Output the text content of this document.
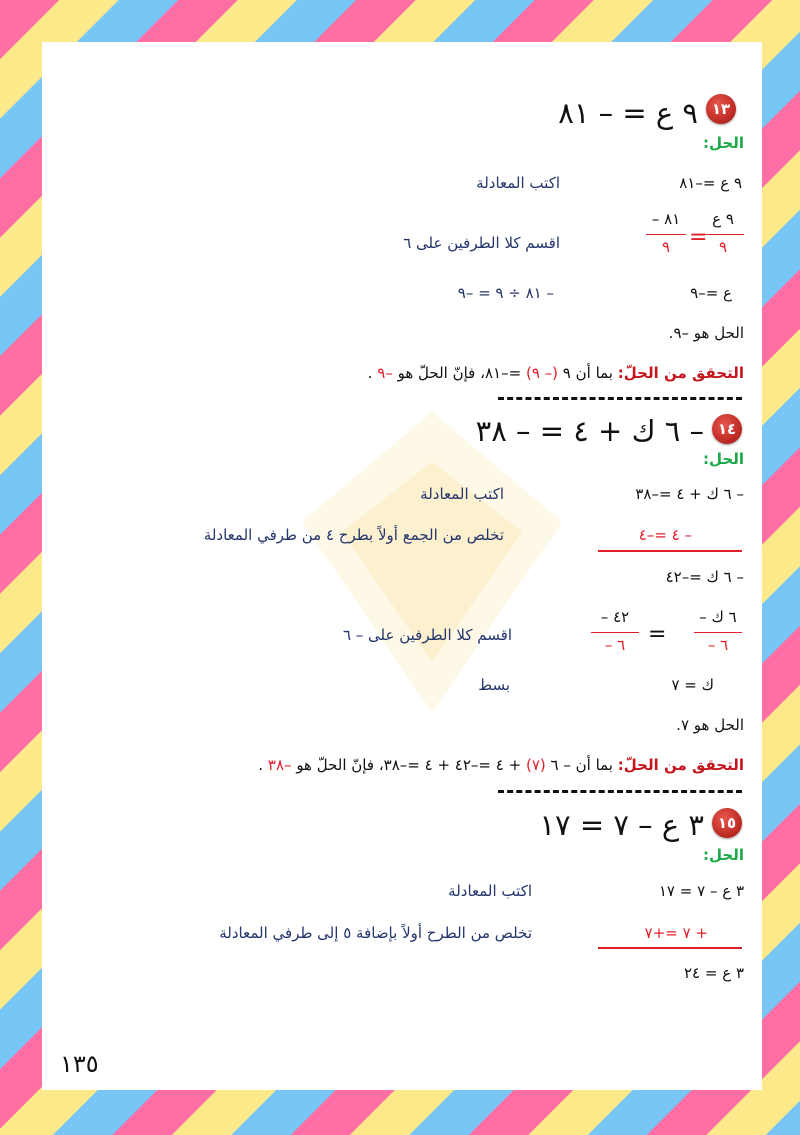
١٣
٩ ع = – ٨١
الحل:
٩ ع =–٨١
اكتب المعادلة
٩ ع
٩
=
– ٨١
٩
اقسم كلا الطرفين على ٦
ع =–٩
– ٨١ ÷ ٩ = –٩
الحل هو –٩.
التحقق من الحلّ: بما أن ٩ (– ٩) =–٨١، فإنّ الحلّ هو –٩ .
١٤
– ٦ ك + ٤ = – ٣٨
الحل:
– ٦ ك + ٤ =–٣٨
اكتب المعادلة
– ٤ =–٤
تخلص من الجمع أولاً بطرح ٤ من طرفي المعادلة
– ٦ ك =–٤٢
– ٦ ك
– ٦
=
– ٤٢
– ٦
اقسم كلا الطرفين على – ٦
ك = ٧
بسط
الحل هو ٧.
التحقق من الحلّ: بما أن – ٦ (٧) + ٤ =–٤٢ + ٤ =–٣٨، فإنّ الحلّ هو –٣٨ .
١٥
٣ ع – ٧ = ١٧
الحل:
٣ ع – ٧ = ١٧
اكتب المعادلة
+ ٧ =+٧
تخلص من الطرح أولاً بإضافة ٥ إلى طرفي المعادلة
٣ ع = ٢٤
١٣٥
